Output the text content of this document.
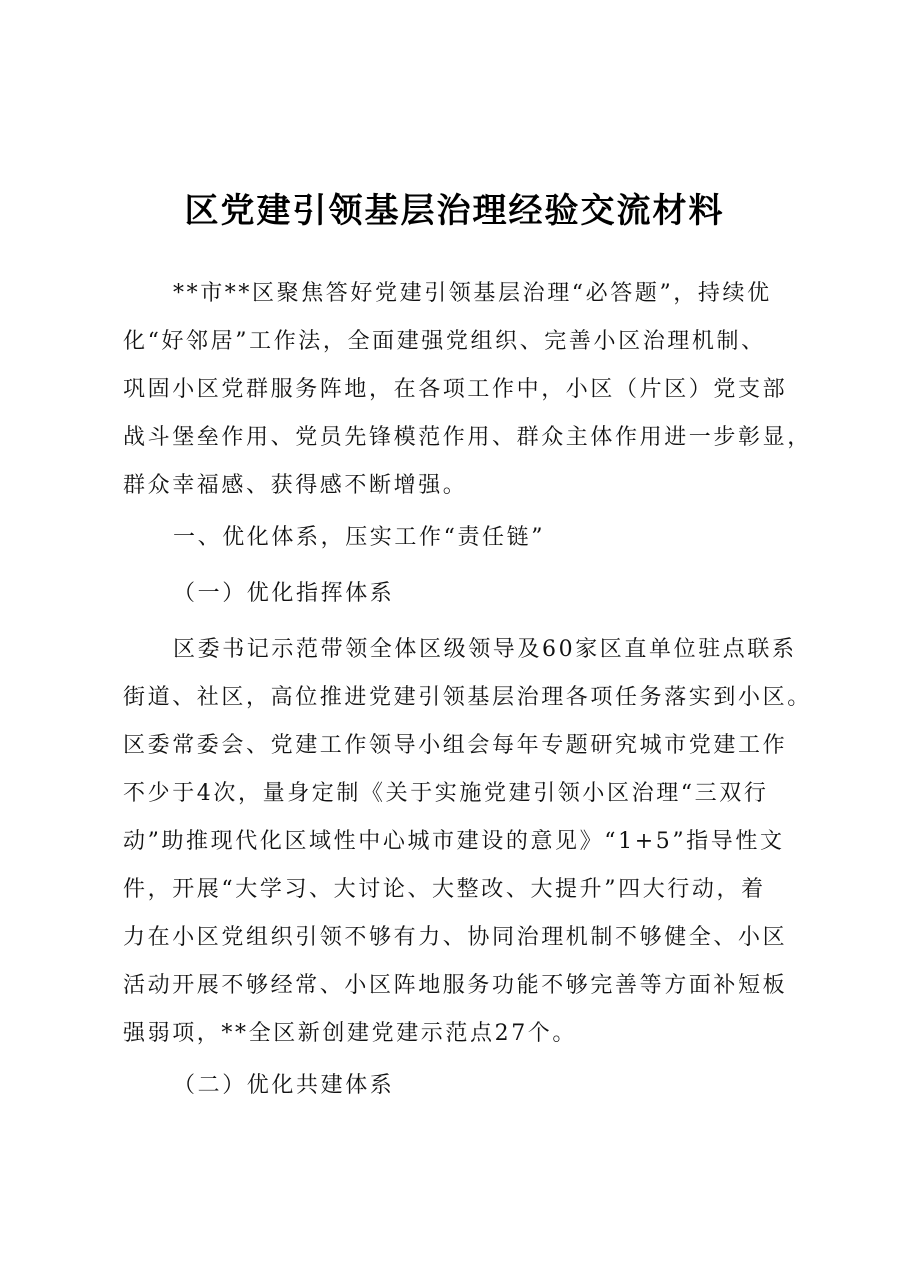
区党建引领基层治理经验交流材料
**市**区聚焦答好党建引领基层治理“必答题”，持续优
化“好邻居”工作法，全面建强党组织、完善小区治理机制、
巩固小区党群服务阵地，在各项工作中，小区（片区）党支部
战斗堡垒作用、党员先锋模范作用、群众主体作用进一步彰显，
群众幸福感、获得感不断增强。
一、优化体系，压实工作“责任链”
（一）优化指挥体系
区委书记示范带领全体区级领导及60家区直单位驻点联系
街道、社区，高位推进党建引领基层治理各项任务落实到小区。
区委常委会、党建工作领导小组会每年专题研究城市党建工作
不少于4次，量身定制《关于实施党建引领小区治理“三双行
动”助推现代化区域性中心城市建设的意见》“1+5”指导性文
件，开展“大学习、大讨论、大整改、大提升”四大行动，着
力在小区党组织引领不够有力、协同治理机制不够健全、小区
活动开展不够经常、小区阵地服务功能不够完善等方面补短板
强弱项，**全区新创建党建示范点27个。
（二）优化共建体系
